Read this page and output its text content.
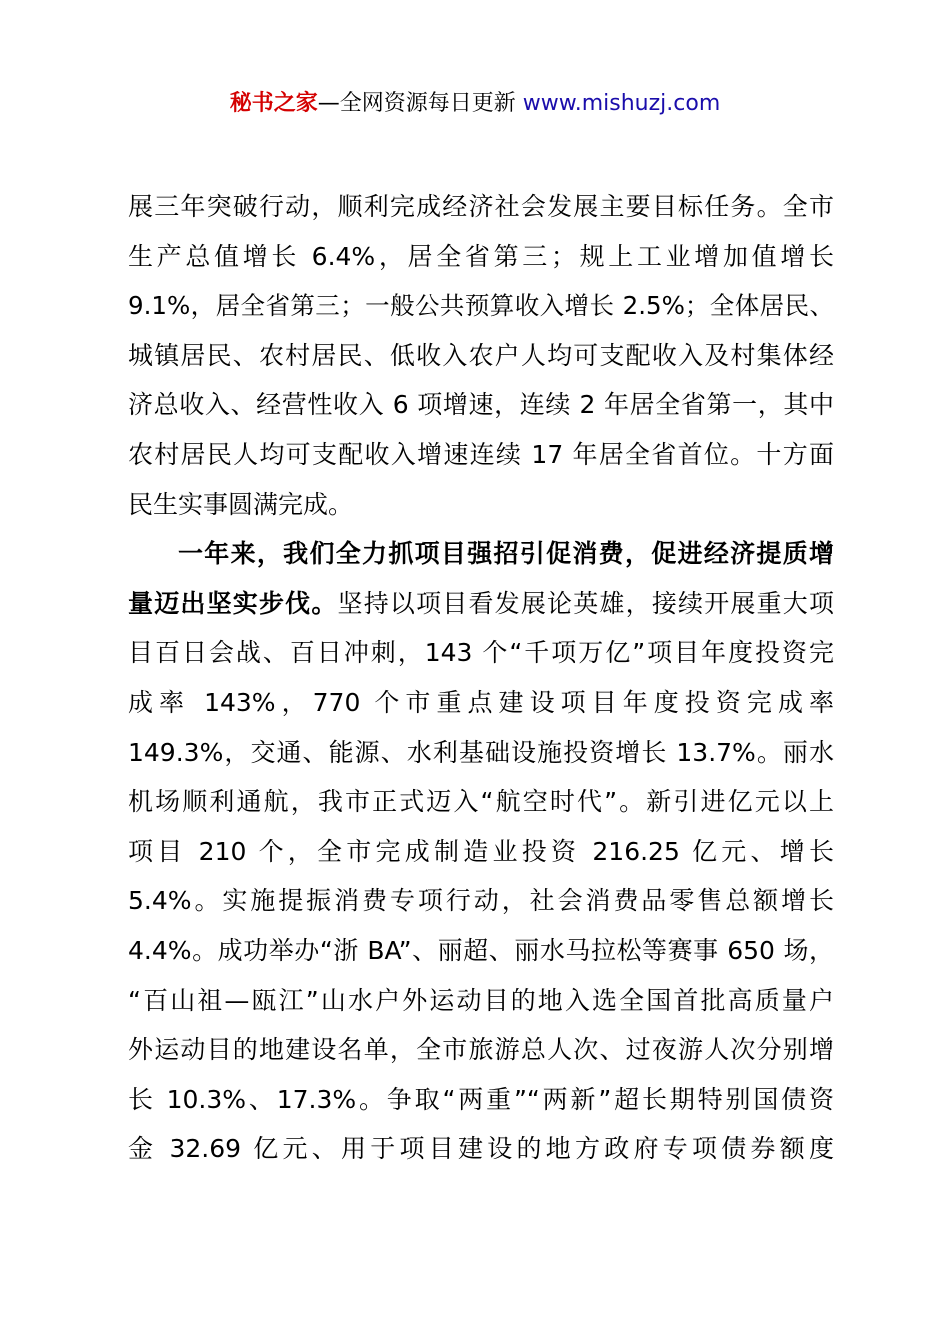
秘书之家—全网资源每日更新 www.mishuzj.com
展三年突破行动，顺利完成经济社会发展主要目标任务。全市
生产总值增长 6.4%，居全省第三；规上工业增加值增长
9.1%，居全省第三；一般公共预算收入增长 2.5%；全体居民、
城镇居民、农村居民、低收入农户人均可支配收入及村集体经
济总收入、经营性收入 6 项增速，连续 2 年居全省第一，其中
农村居民人均可支配收入增速连续 17 年居全省首位。十方面
民生实事圆满完成。
一年来，我们全力抓项目强招引促消费，促进经济提质增
量迈出坚实步伐。坚持以项目看发展论英雄，接续开展重大项
目百日会战、百日冲刺，143 个“千项万亿”项目年度投资完
成率 143%，770 个市重点建设项目年度投资完成率
149.3%，交通、能源、水利基础设施投资增长 13.7%。丽水
机场顺利通航，我市正式迈入“航空时代”。新引进亿元以上
项目 210 个，全市完成制造业投资 216.25 亿元、增长
5.4%。实施提振消费专项行动，社会消费品零售总额增长
4.4%。成功举办“浙 BA”、丽超、丽水马拉松等赛事 650 场，
“百山祖—瓯江”山水户外运动目的地入选全国首批高质量户
外运动目的地建设名单，全市旅游总人次、过夜游人次分别增
长 10.3%、17.3%。争取“两重”“两新”超长期特别国债资
金 32.69 亿元、用于项目建设的地方政府专项债券额度
